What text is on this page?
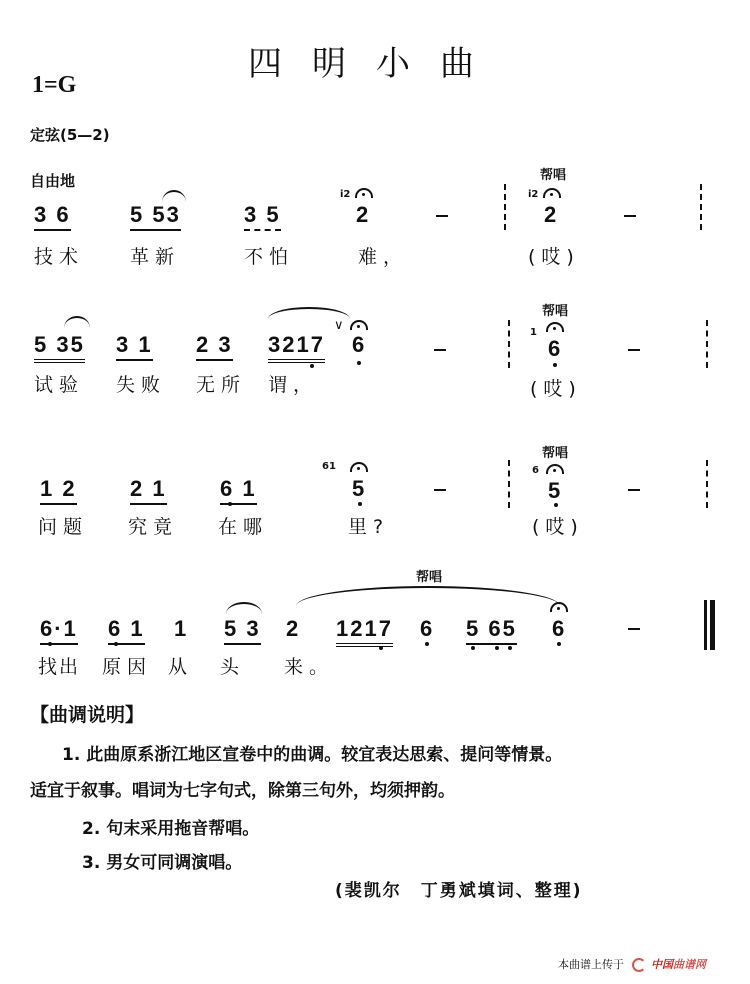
四明小曲
1=G
定弦(5—2)
自由地
3 6	5 53	3 5
i2
2
帮唱
i2
2
技术 革新	不怕	难，	(哎)
∨
5 35 3 1 2 3 3217 6
帮唱
1
6
试验 失败 无所 谓，	(哎)
1 2 2 1 6 1
61
5
帮唱
6
5
问题 究竟 在哪	里?	(哎)
帮唱
6·1 6 1 1 5 3 2 1217 6 5 65 6
找出 原因 从 头 来。
【曲调说明】
1. 此曲原系浙江地区宣卷中的曲调。较宜表达思索、提问等情景。
适宜于叙事。唱词为七字句式，除第三句外，均须押韵。
2. 句末采用拖音帮唱。
3. 男女可同调演唱。
(裴凯尔　丁勇斌填词、整理)
本曲谱上传于 中国曲谱网
